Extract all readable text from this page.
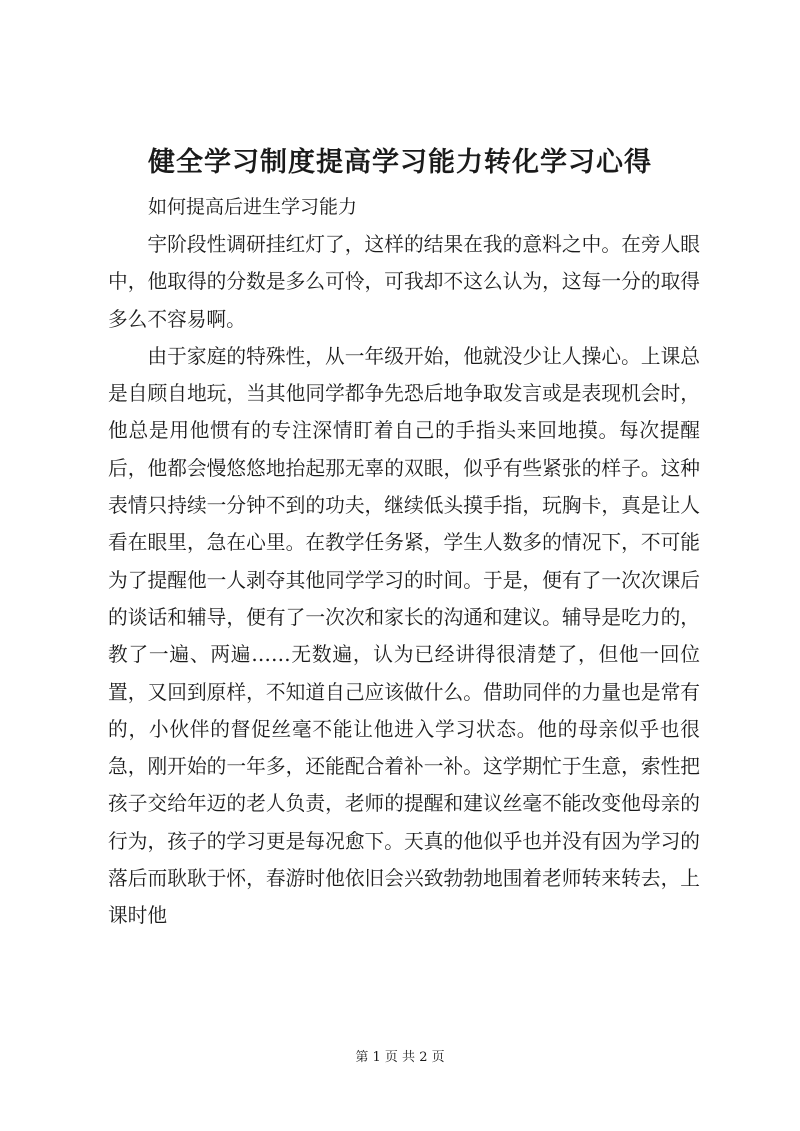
健全学习制度提高学习能力转化学习心得

如何提高后进生学习能力

宇阶段性调研挂红灯了，这样的结果在我的意料之中。在旁人眼中，他取得的分数是多么可怜，可我却不这么认为，这每一分的取得多么不容易啊。

由于家庭的特殊性，从一年级开始，他就没少让人操心。上课总是自顾自地玩，当其他同学都争先恐后地争取发言或是表现机会时，他总是用他惯有的专注深情盯着自己的手指头来回地摸。每次提醒后，他都会慢悠悠地抬起那无辜的双眼，似乎有些紧张的样子。这种表情只持续一分钟不到的功夫，继续低头摸手指，玩胸卡，真是让人看在眼里，急在心里。在教学任务紧，学生人数多的情况下，不可能为了提醒他一人剥夺其他同学学习的时间。于是，便有了一次次课后的谈话和辅导，便有了一次次和家长的沟通和建议。辅导是吃力的，教了一遍、两遍……无数遍，认为已经讲得很清楚了，但他一回位置，又回到原样，不知道自己应该做什么。借助同伴的力量也是常有的，小伙伴的督促丝毫不能让他进入学习状态。他的母亲似乎也很急，刚开始的一年多，还能配合着补一补。这学期忙于生意，索性把孩子交给年迈的老人负责，老师的提醒和建议丝毫不能改变他母亲的行为，孩子的学习更是每况愈下。天真的他似乎也并没有因为学习的落后而耿耿于怀，春游时他依旧会兴致勃勃地围着老师转来转去，上课时他

第 1 页 共 2 页
